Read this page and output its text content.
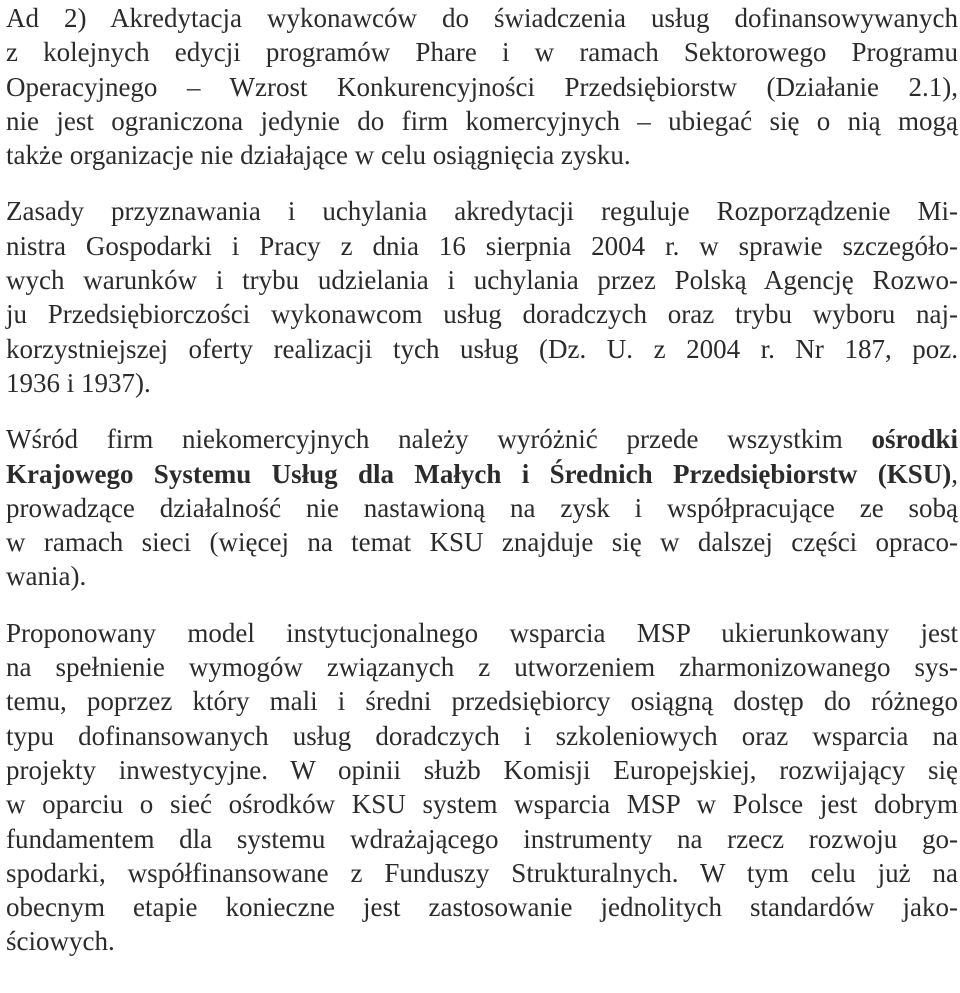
Ad 2) Akredytacja wykonawców do świadczenia usług dofinansowywanych
z kolejnych edycji programów Phare i w ramach Sektorowego Programu
Operacyjnego – Wzrost Konkurencyjności Przedsiębiorstw (Działanie 2.1),
nie jest ograniczona jedynie do firm komercyjnych – ubiegać się o nią mogą
także organizacje nie działające w celu osiągnięcia zysku.

Zasady przyznawania i uchylania akredytacji reguluje Rozporządzenie Mi-
nistra Gospodarki i Pracy z dnia 16 sierpnia 2004 r. w sprawie szczegóło-
wych warunków i trybu udzielania i uchylania przez Polską Agencję Rozwo-
ju Przedsiębiorczości wykonawcom usług doradczych oraz trybu wyboru naj-
korzystniejszej oferty realizacji tych usług (Dz. U. z 2004 r. Nr 187, poz.
1936 i 1937).

Wśród firm niekomercyjnych należy wyróżnić przede wszystkim ośrodki
Krajowego Systemu Usług dla Małych i Średnich Przedsiębiorstw (KSU),
prowadzące działalność nie nastawioną na zysk i współpracujące ze sobą
w ramach sieci (więcej na temat KSU znajduje się w dalszej części opraco-
wania).

Proponowany model instytucjonalnego wsparcia MSP ukierunkowany jest
na spełnienie wymogów związanych z utworzeniem zharmonizowanego sys-
temu, poprzez który mali i średni przedsiębiorcy osiągną dostęp do różnego
typu dofinansowanych usług doradczych i szkoleniowych oraz wsparcia na
projekty inwestycyjne. W opinii służb Komisji Europejskiej, rozwijający się
w oparciu o sieć ośrodków KSU system wsparcia MSP w Polsce jest dobrym
fundamentem dla systemu wdrażającego instrumenty na rzecz rozwoju go-
spodarki, współfinansowane z Funduszy Strukturalnych. W tym celu już na
obecnym etapie konieczne jest zastosowanie jednolitych standardów jako-
ściowych.
